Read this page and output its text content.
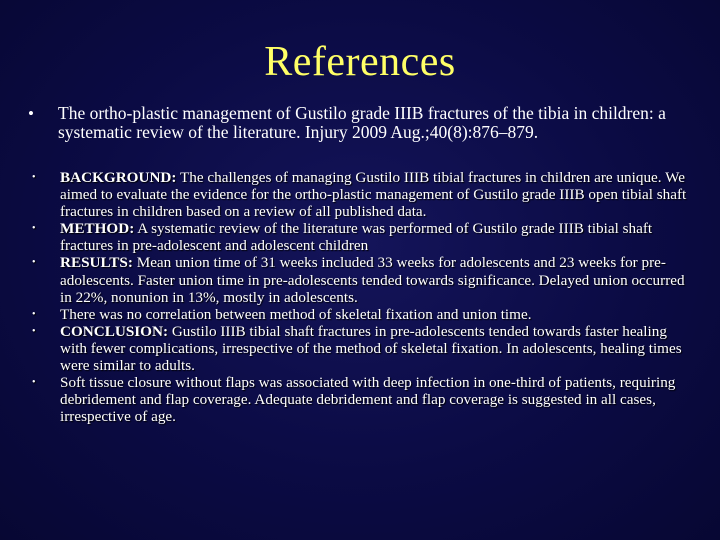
References
•	The ortho-plastic management of Gustilo grade IIIB fractures of the tibia in children: a systematic review of the literature. Injury 2009 Aug.;40(8):876–879.
•	BACKGROUND: The challenges of managing Gustilo IIIB tibial fractures in children are unique. We aimed to evaluate the evidence for the ortho-plastic management of Gustilo grade IIIB open tibial shaft fractures in children based on a review of all published data.
•	METHOD: A systematic review of the literature was performed of Gustilo grade IIIB tibial shaft fractures in pre-adolescent and adolescent children
•	RESULTS: Mean union time of 31 weeks included 33 weeks for adolescents and 23 weeks for pre-adolescents. Faster union time in pre-adolescents tended towards significance. Delayed union occurred in 22%, nonunion in 13%, mostly in adolescents.
•	There was no correlation between method of skeletal fixation and union time.
•	CONCLUSION: Gustilo IIIB tibial shaft fractures in pre-adolescents tended towards faster healing with fewer complications, irrespective of the method of skeletal fixation. In adolescents, healing times were similar to adults.
•	Soft tissue closure without flaps was associated with deep infection in one-third of patients, requiring debridement and flap coverage. Adequate debridement and flap coverage is suggested in all cases, irrespective of age.
